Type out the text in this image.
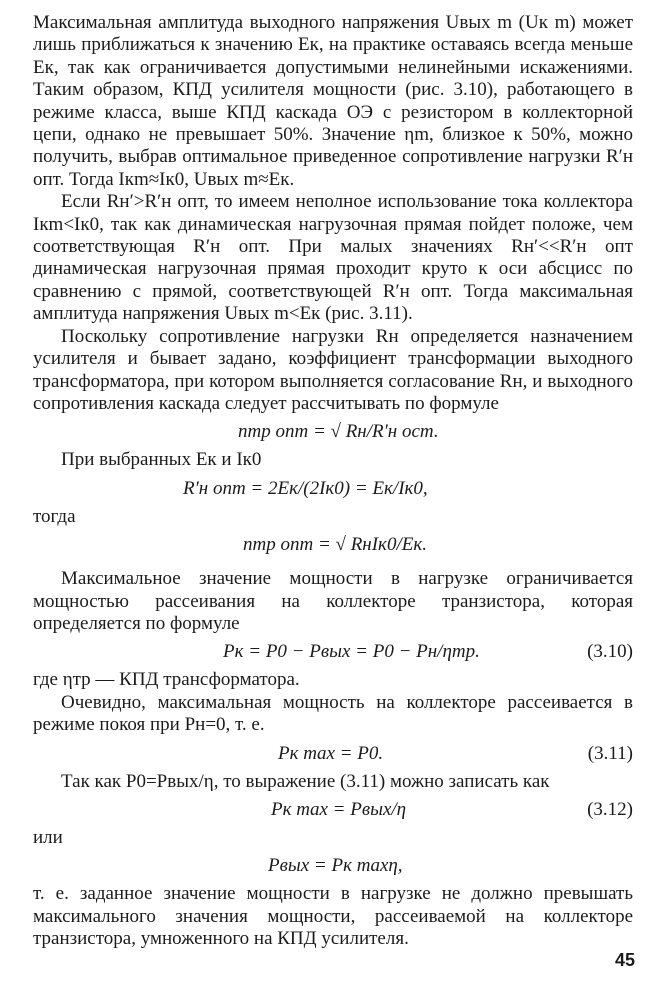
Максимальная амплитуда выходного напряжения Uвых m (Uк m) может лишь приближаться к значению Eк, на практике оставаясь всегда меньше Eк, так как ограничивается допустимыми нелинейными искажениями. Таким образом, КПД усилителя мощности (рис. 3.10), работающего в режиме класса, выше КПД каскада ОЭ с резистором в коллекторной цепи, однако не превышает 50%. Значение ηm, близкое к 50%, можно получить, выбрав оптимальное приведенное сопротивление нагрузки R′н опт. Тогда Iкm≈Iк0, Uвых m≈Eк.

Если Rн′>R′н опт, то имеем неполное использование тока коллектора Iкm<Iк0, так как динамическая нагрузочная прямая пойдет положе, чем соответствующая R′н опт. При малых значениях Rн′<<R′н опт динамическая нагрузочная прямая проходит круто к оси абсцисс по сравнению с прямой, соответствующей R′н опт. Тогда максимальная амплитуда напряжения Uвых m<Eк (рис. 3.11).

Поскольку сопротивление нагрузки Rн определяется назначением усилителя и бывает задано, коэффициент трансформации выходного трансформатора, при котором выполняется согласование Rн, и выходного сопротивления каскада следует рассчитывать по формуле

nтр опт = √ Rн/R′н ост.

При выбранных Eк и Iк0

R′н опт = 2Eк/(2Iк0) = Eк/Iк0,

тогда

nтр опт = √ RнIк0/Eк.

Максимальное значение мощности в нагрузке ограничивается мощностью рассеивания на коллекторе транзистора, которая определяется по формуле

Pк = P0 − Pвых = P0 − Pн/ηтр.	(3.10)

где ηтр — КПД трансформатора.

Очевидно, максимальная мощность на коллекторе рассеивается в режиме покоя при Pн=0, т. е.

Pк max = P0.	(3.11)

Так как P0=Pвых/η, то выражение (3.11) можно записать как

Pк max = Pвых/η	(3.12)

или

Pвых = Pк maxη,

т. е. заданное значение мощности в нагрузке не должно превышать максимального значения мощности, рассеиваемой на коллекторе транзистора, умноженного на КПД усилителя.

45
